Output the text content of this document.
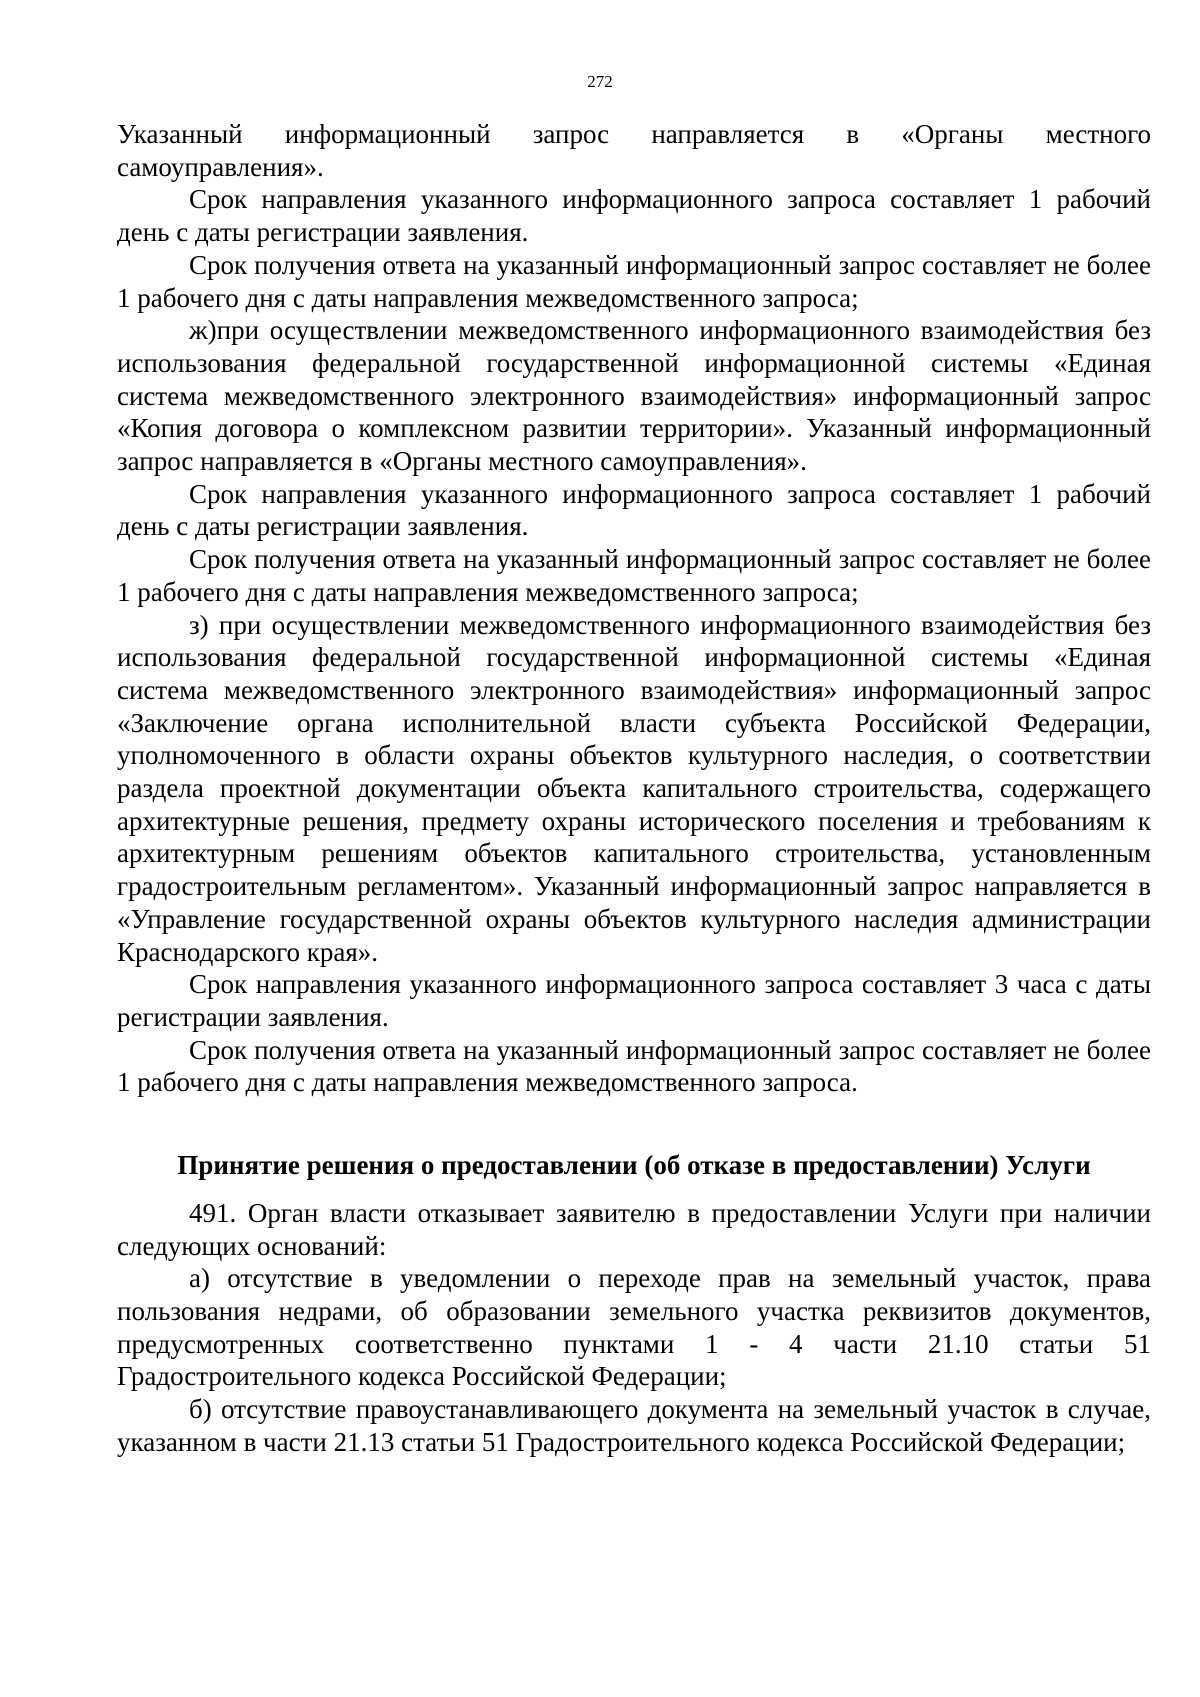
272

Указанный информационный запрос направляется в «Органы местного самоуправления».

Срок направления указанного информационного запроса составляет 1 рабочий день с даты регистрации заявления.

Срок получения ответа на указанный информационный запрос составляет не более 1 рабочего дня с даты направления межведомственного запроса;

ж)при осуществлении межведомственного информационного взаимодействия без использования федеральной государственной информационной системы «Единая система межведомственного электронного взаимодействия» информационный запрос «Копия договора о комплексном развитии территории». Указанный информационный запрос направляется в «Органы местного самоуправления».

Срок направления указанного информационного запроса составляет 1 рабочий день с даты регистрации заявления.

Срок получения ответа на указанный информационный запрос составляет не более 1 рабочего дня с даты направления межведомственного запроса;

з) при осуществлении межведомственного информационного взаимодействия без использования федеральной государственной информационной системы «Единая система межведомственного электронного взаимодействия» информационный запрос «Заключение органа исполнительной власти субъекта Российской Федерации, уполномоченного в области охраны объектов культурного наследия, о соответствии раздела проектной документации объекта капитального строительства, содержащего архитектурные решения, предмету охраны исторического поселения и требованиям к архитектурным решениям объектов капитального строительства, установленным градостроительным регламентом». Указанный информационный запрос направляется в «Управление государственной охраны объектов культурного наследия администрации Краснодарского края».

Срок направления указанного информационного запроса составляет 3 часа с даты регистрации заявления.

Срок получения ответа на указанный информационный запрос составляет не более 1 рабочего дня с даты направления межведомственного запроса.

Принятие решения о предоставлении (об отказе в предоставлении) Услуги

491. Орган власти отказывает заявителю в предоставлении Услуги при наличии следующих оснований:

а) отсутствие в уведомлении о переходе прав на земельный участок, права пользования недрами, об образовании земельного участка реквизитов документов, предусмотренных соответственно пунктами 1 - 4 части 21.10 статьи 51 Градостроительного кодекса Российской Федерации;

б) отсутствие правоустанавливающего документа на земельный участок в случае, указанном в части 21.13 статьи 51 Градостроительного кодекса Российской Федерации;
